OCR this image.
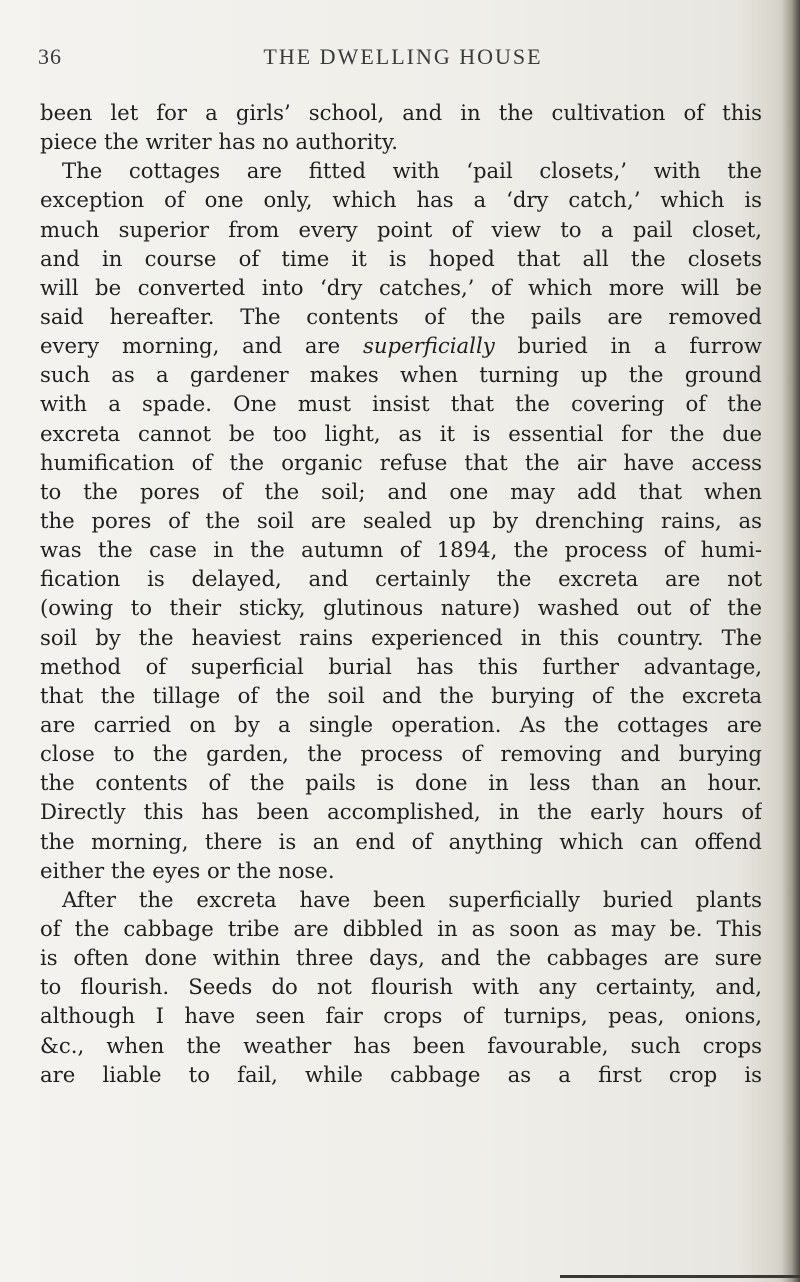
36	THE DWELLING HOUSE
been let for a girls’ school, and in the cultivation of this
piece the writer has no authority.
The cottages are fitted with ‘pail closets,’ with the
exception of one only, which has a ‘dry catch,’ which is
much superior from every point of view to a pail closet,
and in course of time it is hoped that all the closets
will be converted into ‘dry catches,’ of which more will be
said hereafter. The contents of the pails are removed
every morning, and are superficially buried in a furrow
such as a gardener makes when turning up the ground
with a spade. One must insist that the covering of the
excreta cannot be too light, as it is essential for the due
humification of the organic refuse that the air have access
to the pores of the soil; and one may add that when
the pores of the soil are sealed up by drenching rains, as
was the case in the autumn of 1894, the process of humi-
fication is delayed, and certainly the excreta are not
(owing to their sticky, glutinous nature) washed out of the
soil by the heaviest rains experienced in this country. The
method of superficial burial has this further advantage,
that the tillage of the soil and the burying of the excreta
are carried on by a single operation. As the cottages are
close to the garden, the process of removing and burying
the contents of the pails is done in less than an hour.
Directly this has been accomplished, in the early hours of
the morning, there is an end of anything which can offend
either the eyes or the nose.
After the excreta have been superficially buried plants
of the cabbage tribe are dibbled in as soon as may be. This
is often done within three days, and the cabbages are sure
to flourish. Seeds do not flourish with any certainty, and,
although I have seen fair crops of turnips, peas, onions,
&c., when the weather has been favourable, such crops
are liable to fail, while cabbage as a first crop is
